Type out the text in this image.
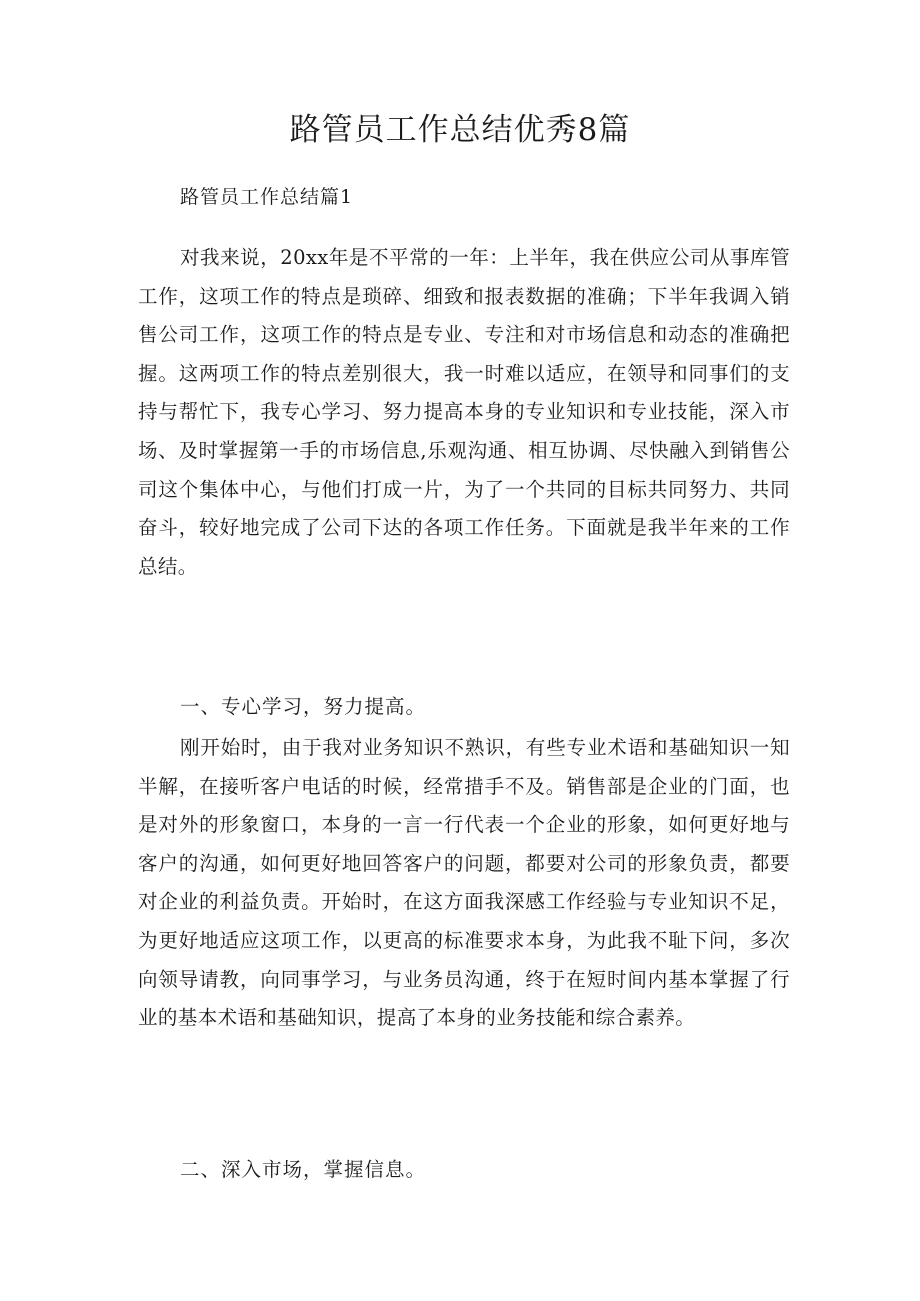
路管员工作总结优秀8篇
路管员工作总结篇1
对我来说，20xx年是不平常的一年：上半年，我在供应公司从事库管工作，这项工作的特点是琐碎、细致和报表数据的准确；下半年我调入销售公司工作，这项工作的特点是专业、专注和对市场信息和动态的准确把握。这两项工作的特点差别很大，我一时难以适应，在领导和同事们的支持与帮忙下，我专心学习、努力提高本身的专业知识和专业技能，深入市场、及时掌握第一手的市场信息,乐观沟通、相互协调、尽快融入到销售公司这个集体中心，与他们打成一片，为了一个共同的目标共同努力、共同奋斗，较好地完成了公司下达的各项工作任务。下面就是我半年来的工作总结。
一、专心学习，努力提高。
刚开始时，由于我对业务知识不熟识，有些专业术语和基础知识一知半解，在接听客户电话的时候，经常措手不及。销售部是企业的门面，也是对外的形象窗口，本身的一言一行代表一个企业的形象，如何更好地与客户的沟通，如何更好地回答客户的问题，都要对公司的形象负责，都要对企业的利益负责。开始时，在这方面我深感工作经验与专业知识不足，为更好地适应这项工作，以更高的标准要求本身，为此我不耻下问，多次向领导请教，向同事学习，与业务员沟通，终于在短时间内基本掌握了行业的基本术语和基础知识，提高了本身的业务技能和综合素养。
二、深入市场，掌握信息。
